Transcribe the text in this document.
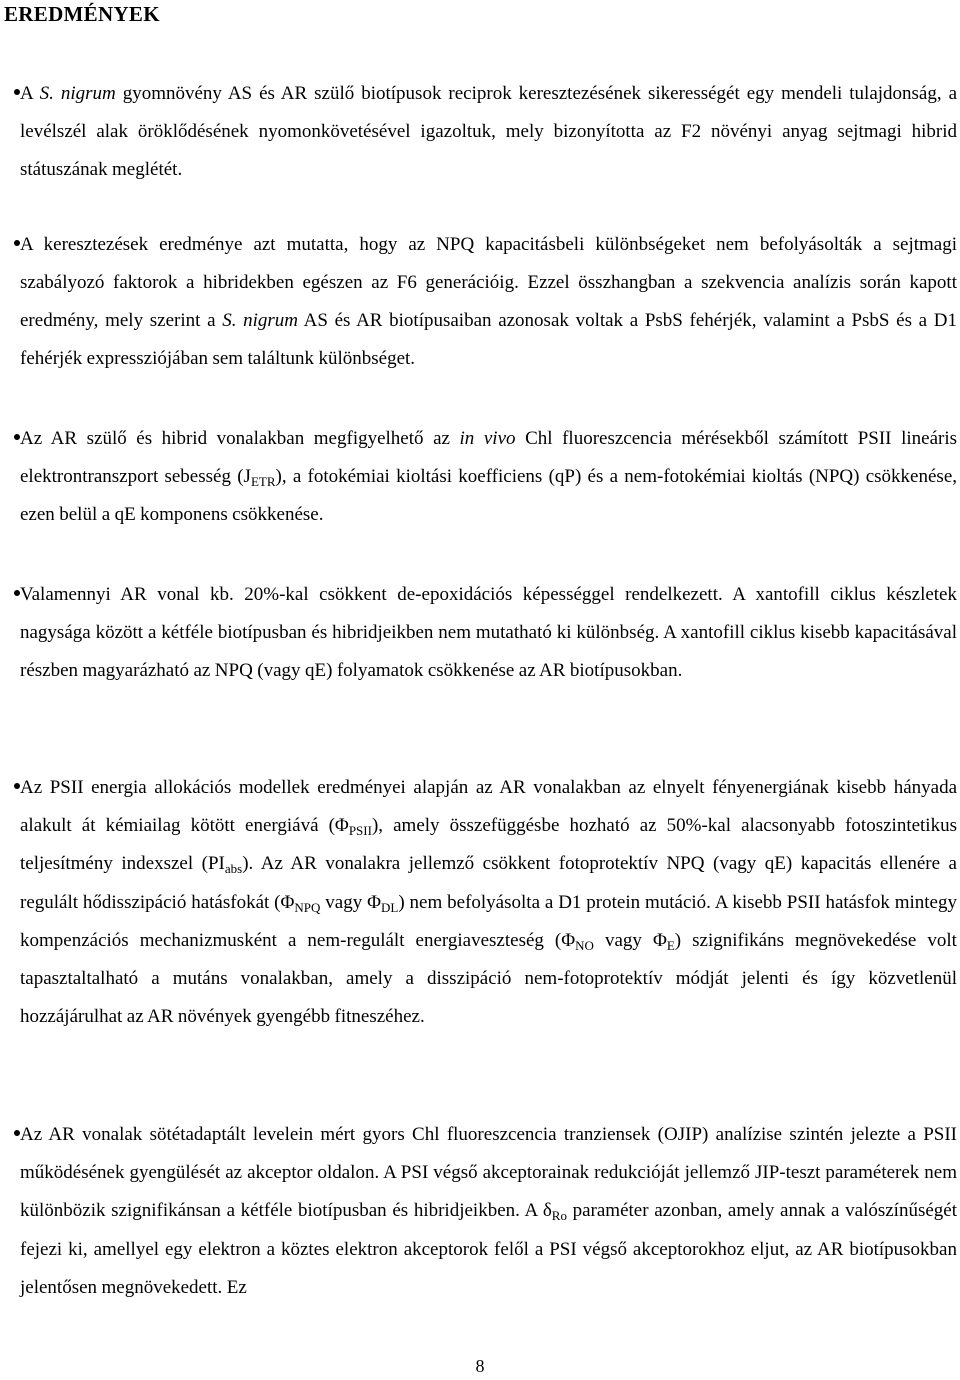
EREDMÉNYEK

A S. nigrum gyomnövény AS és AR szülő biotípusok reciprok keresztezésének sikerességét egy mendeli tulajdonság, a levélszél alak öröklődésének nyomonkövetésével igazoltuk, mely bizonyította az F2 növényi anyag sejtmagi hibrid státuszának meglétét.

A keresztezések eredménye azt mutatta, hogy az NPQ kapacitásbeli különbségeket nem befolyásolták a sejtmagi szabályozó faktorok a hibridekben egészen az F6 generációig. Ezzel összhangban a szekvencia analízis során kapott eredmény, mely szerint a S. nigrum AS és AR biotípusaiban azonosak voltak a PsbS fehérjék, valamint a PsbS és a D1 fehérjék expressziójában sem találtunk különbséget.

Az AR szülő és hibrid vonalakban megfigyelhető az in vivo Chl fluoreszcencia mérésekből számított PSII lineáris elektrontranszport sebesség $(J_{ETR})$, a fotokémiai kioltási koefficiens (qP) és a nem-fotokémiai kioltás (NPQ) csökkenése, ezen belül a qE komponens csökkenése.

Valamennyi AR vonal kb. 20%-kal csökkent de-epoxidációs képességgel rendelkezett. A xantofill ciklus készletek nagysága között a kétféle biotípusban és hibridjeikben nem mutatható ki különbség. A xantofill ciklus kisebb kapacitásával részben magyarázható az NPQ (vagy qE) folyamatok csökkenése az AR biotípusokban.

Az PSII energia allokációs modellek eredményei alapján az AR vonalakban az elnyelt fényenergiának kisebb hányada alakult át kémiailag kötött energiává $(\Phi_{PSII})$, amely összefüggésbe hozható az 50%-kal alacsonyabb fotoszintetikus teljesítmény indexszel $(PI_{abs})$. Az AR vonalakra jellemző csökkent fotoprotektív NPQ (vagy qE) kapacitás ellenére a regulált hődisszipáció hatásfokát ($\Phi_{NPQ}$ vagy $\Phi_{DL}$) nem befolyásolta a D1 protein mutáció. A kisebb PSII hatásfok mintegy kompenzációs mechanizmusként a nem-regulált energiaveszteség ($\Phi_{NO}$ vagy $\Phi_E$) szignifikáns megnövekedése volt tapasztaltalható a mutáns vonalakban, amely a disszipáció nem-fotoprotektív módját jelenti és így közvetlenül hozzájárulhat az AR növények gyengébb fitneszéhez.

Az AR vonalak sötétadaptált levelein mért gyors Chl fluoreszcencia tranziensek (OJIP) analízise szintén jelezte a PSII működésének gyengülését az akceptor oldalon. A PSI végső akceptorainak redukcióját jellemző JIP-teszt paraméterek nem különbözik szignifikánsan a kétféle biotípusban és hibridjeikben. A $\delta_{Ro}$ paraméter azonban, amely annak a valószínűségét fejezi ki, amellyel egy elektron a köztes elektron akceptorok felől a PSI végső akceptorokhoz eljut, az AR biotípusokban jelentősen megnövekedett. Ez

8
